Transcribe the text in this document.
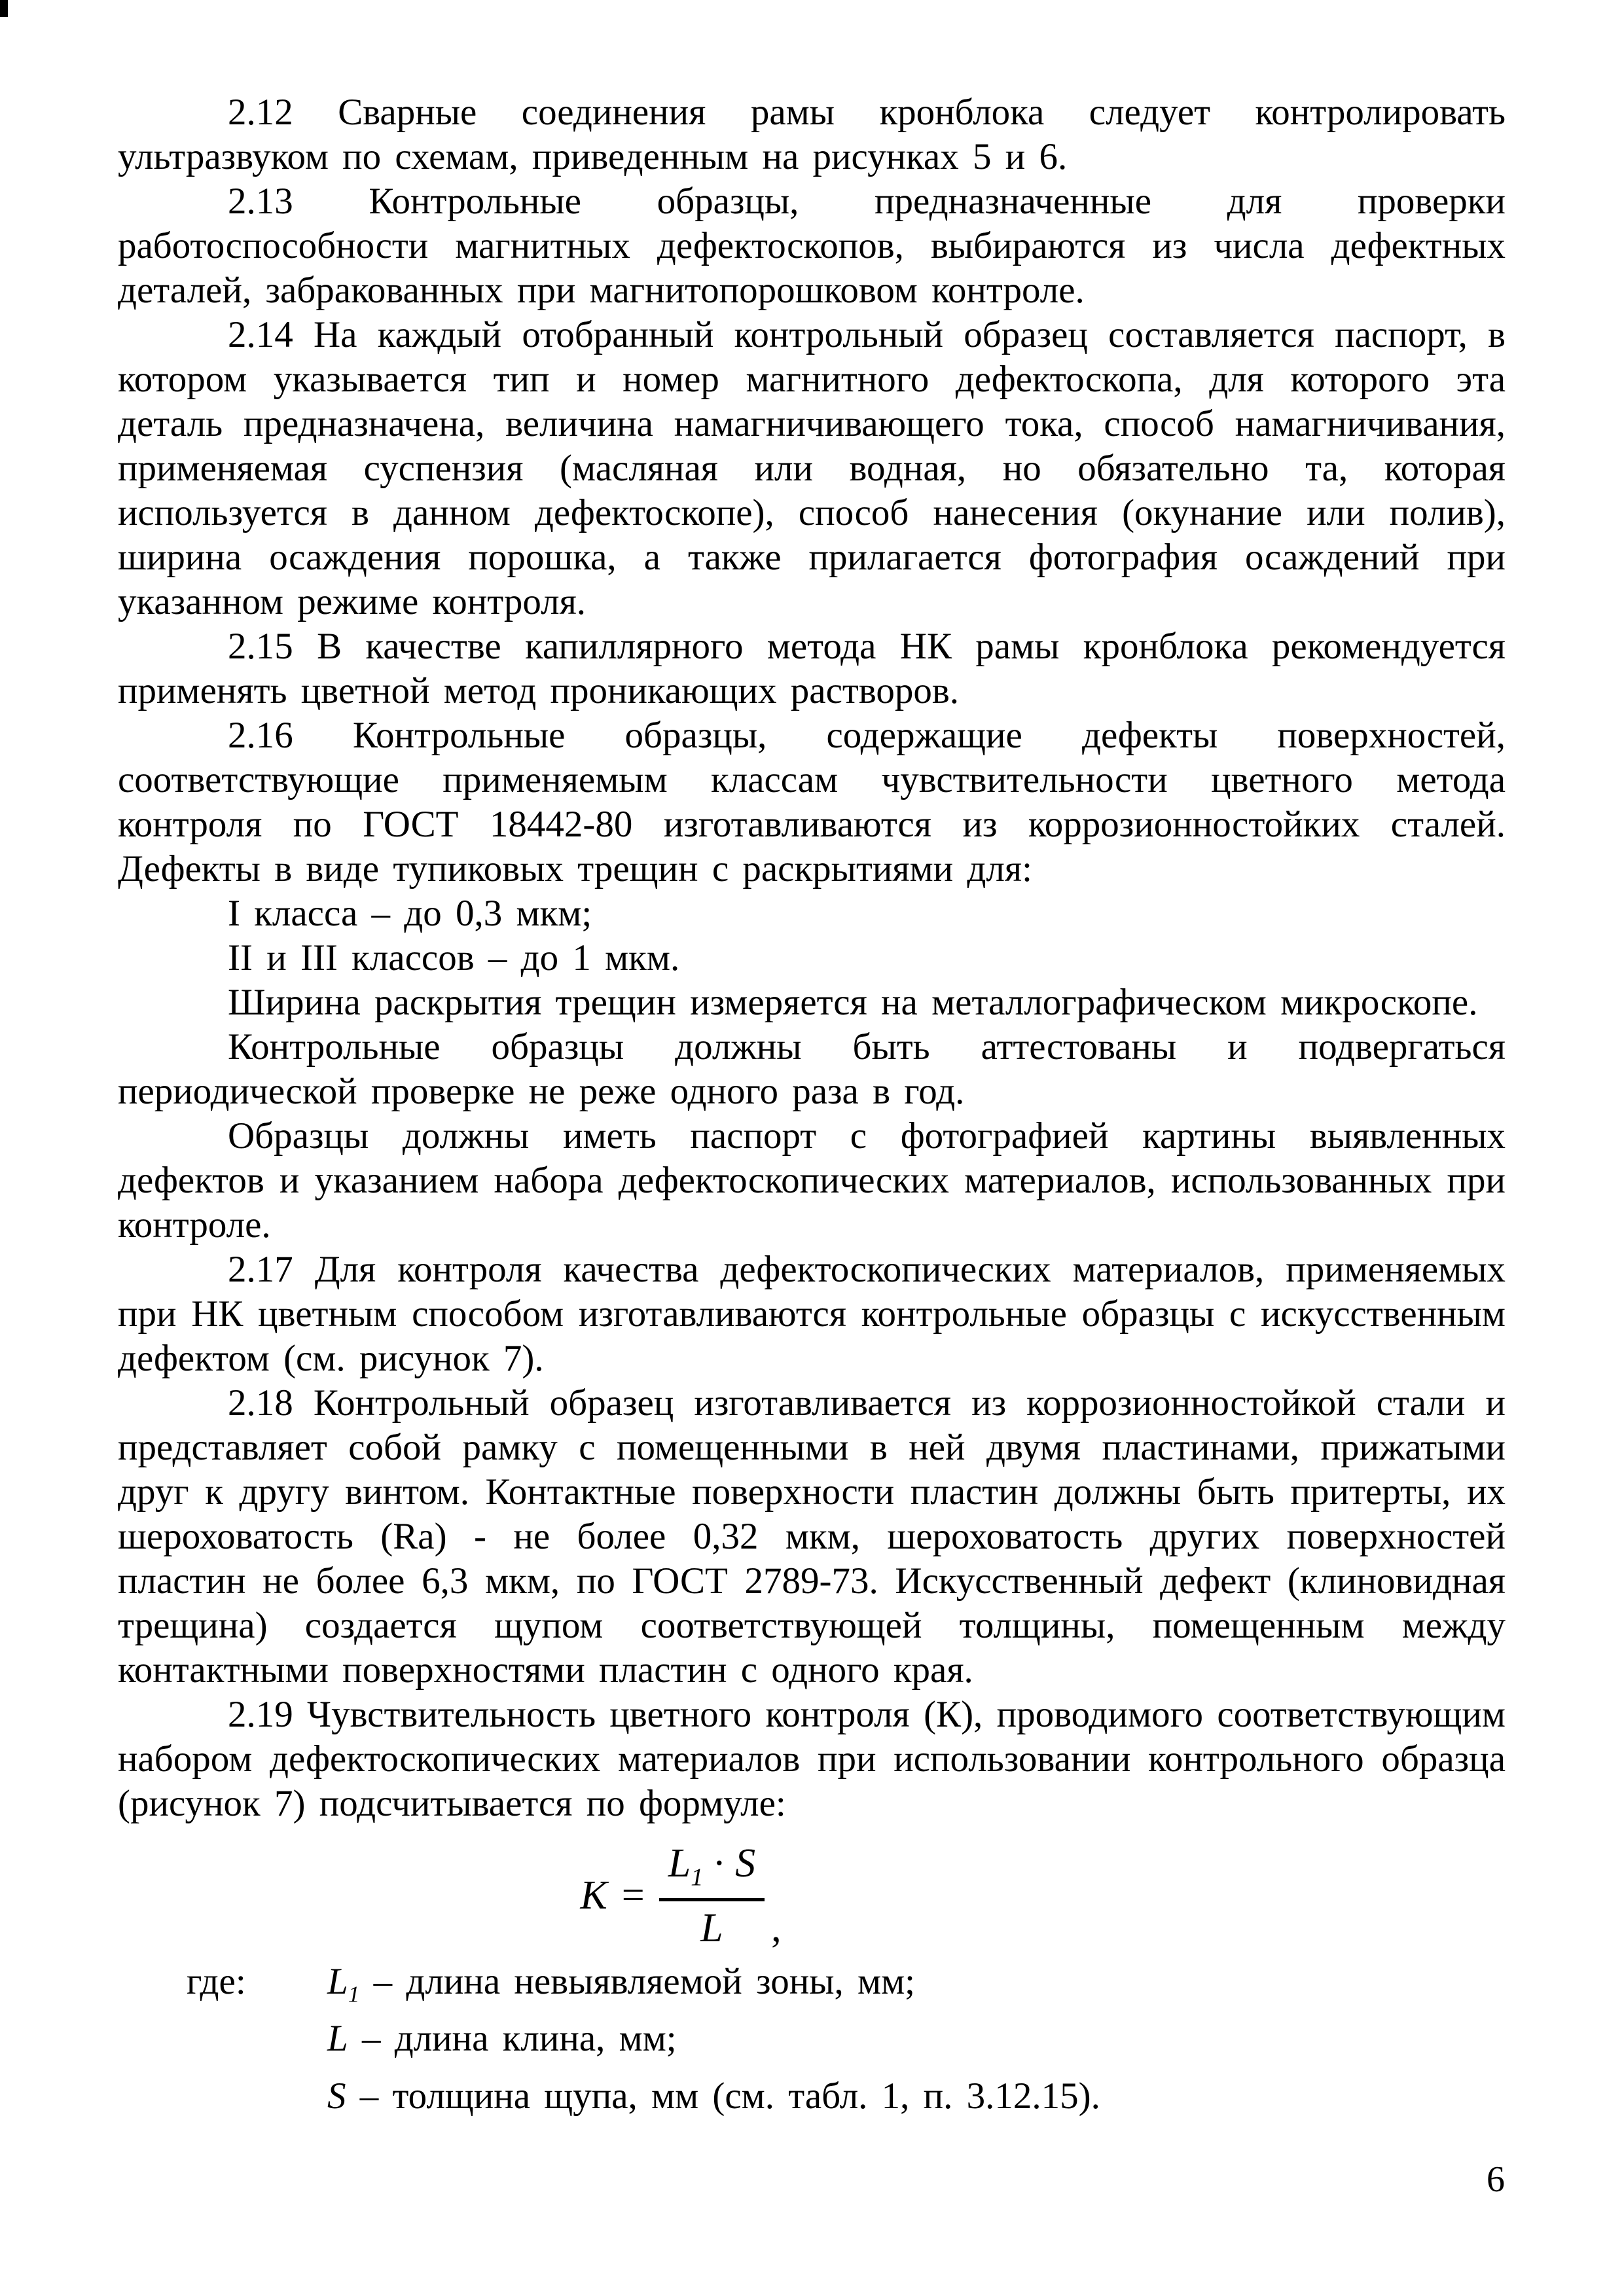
2.12 Сварные соединения рамы кронблока следует контролировать ультразвуком по схемам, приведенным на рисунках 5 и 6.

2.13 Контрольные образцы, предназначенные для проверки работоспособности магнитных дефектоскопов, выбираются из числа дефектных деталей, забракованных при магнитопорошковом контроле.

2.14 На каждый отобранный контрольный образец составляется паспорт, в котором указывается тип и номер магнитного дефектоскопа, для которого эта деталь предназначена, величина намагничивающего тока, способ намагничивания, применяемая суспензия (масляная или водная, но обязательно та, которая используется в данном дефектоскопе), способ нанесения (окунание или полив), ширина осаждения порошка, а также прилагается фотография осаждений при указанном режиме контроля.

2.15 В качестве капиллярного метода НК рамы кронблока рекомендуется применять цветной метод проникающих растворов.

2.16 Контрольные образцы, содержащие дефекты поверхностей, соответствующие применяемым классам чувствительности цветного метода контроля по ГОСТ 18442-80 изготавливаются из коррозионностойких сталей. Дефекты в виде тупиковых трещин с раскрытиями для:

I класса – до 0,3 мкм;

II и III классов – до 1 мкм.

Ширина раскрытия трещин измеряется на металлографическом микроскопе.

Контрольные образцы должны быть аттестованы и подвергаться периодической проверке не реже одного раза в год.

Образцы должны иметь паспорт с фотографией картины выявленных дефектов и указанием набора дефектоскопических материалов, использованных при контроле.

2.17 Для контроля качества дефектоскопических материалов, применяемых при НК цветным способом изготавливаются контрольные образцы с искусственным дефектом (см. рисунок 7).

2.18 Контрольный образец изготавливается из коррозионностойкой стали и представляет собой рамку с помещенными в ней двумя пластинами, прижатыми друг к другу винтом. Контактные поверхности пластин должны быть притерты, их шероховатость (Ra) - не более 0,32 мкм, шероховатость других поверхностей пластин не более 6,3 мкм, по ГОСТ 2789-73. Искусственный дефект (клиновидная трещина) создается щупом соответствующей толщины, помещенным между контактными поверхностями пластин с одного края.

2.19 Чувствительность цветного контроля (К), проводимого соответствующим набором дефектоскопических материалов при использовании контрольного образца (рисунок 7) подсчитывается по формуле:

$K = \frac{L_1 \cdot S}{L}$ ,
где: $L_1$ – длина невыявляемой зоны, мм;
L – длина клина, мм;
S – толщина щупа, мм (см. табл. 1, п. 3.12.15).
6
